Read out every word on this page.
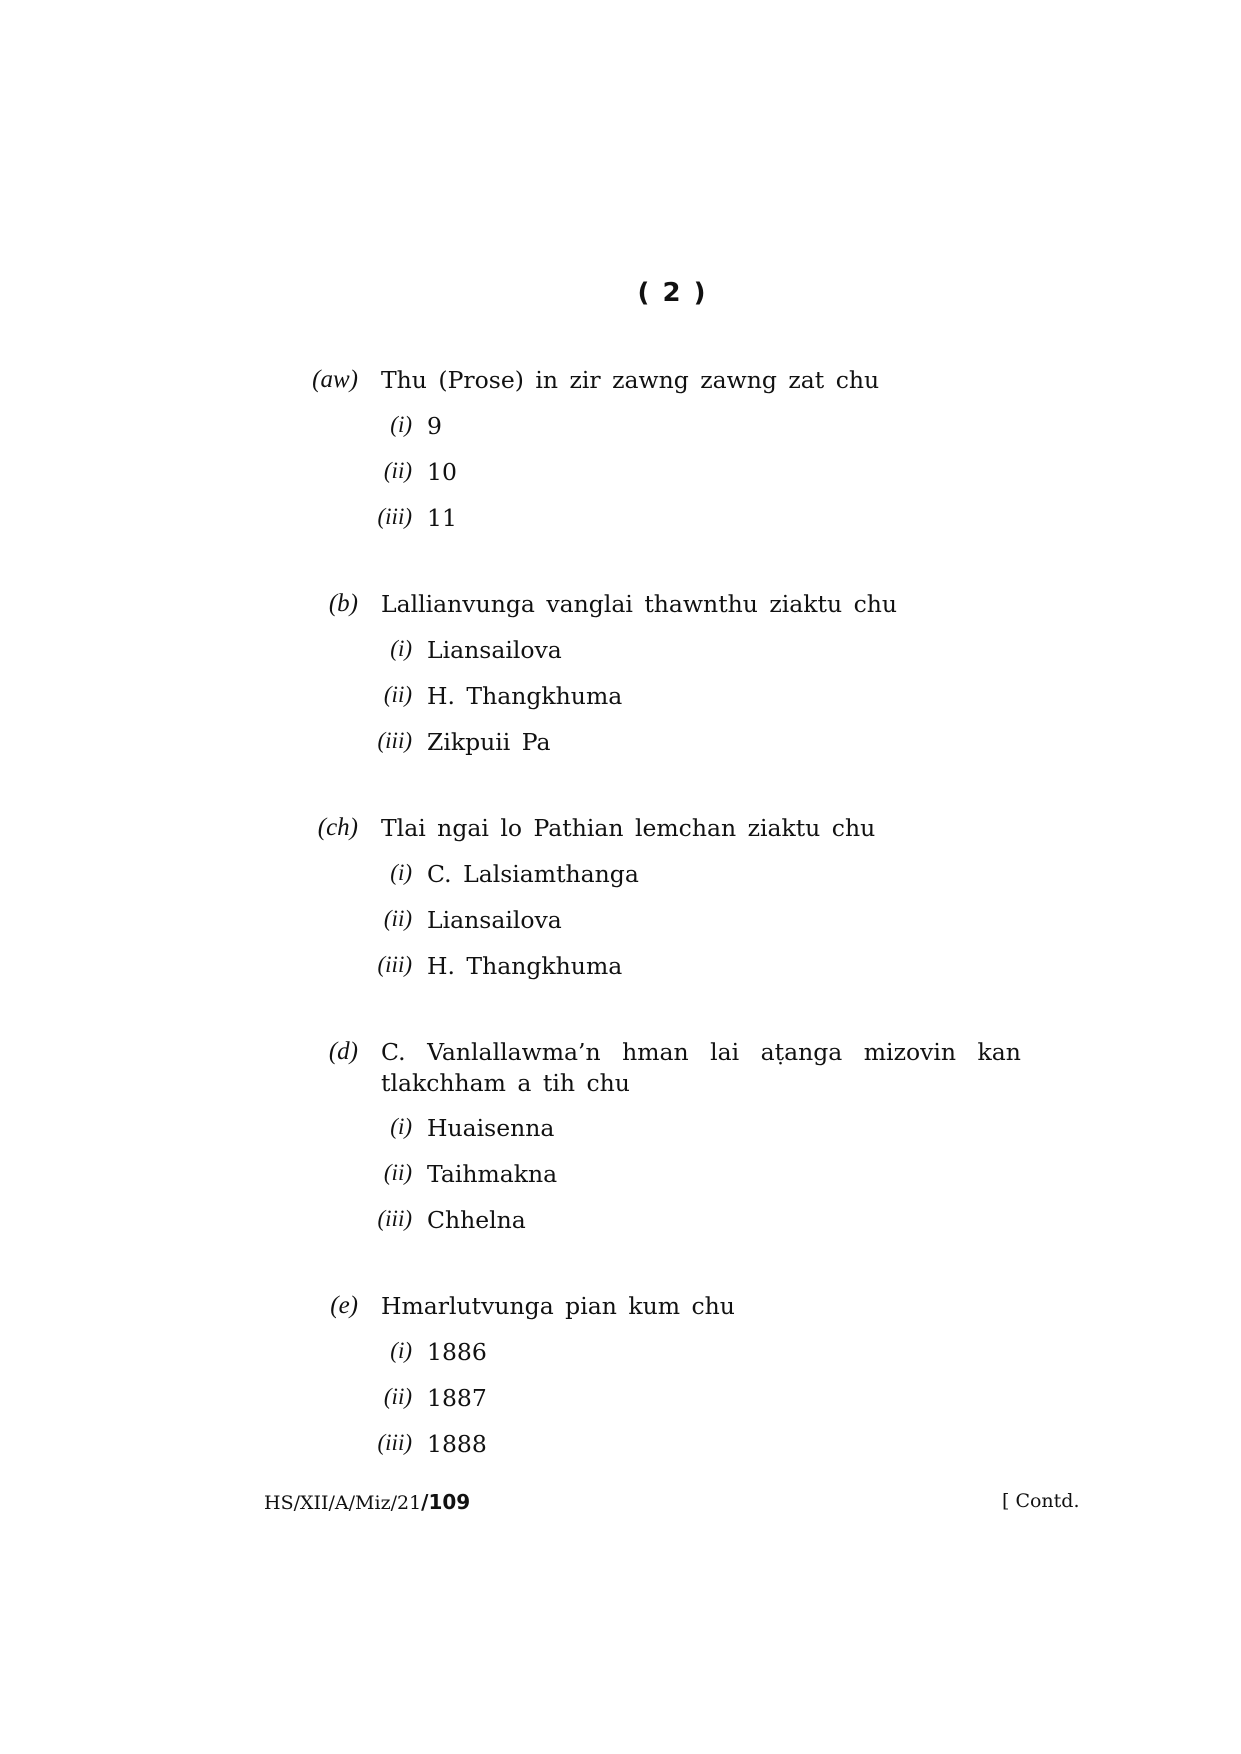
( 2 )
(aw) Thu (Prose) in zir zawng zawng zat chu
(i) 9
(ii) 10
(iii) 11
(b) Lallianvunga vanglai thawnthu ziaktu chu
(i) Liansailova
(ii) H. Thangkhuma
(iii) Zikpuii Pa
(ch) Tlai ngai lo Pathian lemchan ziaktu chu
(i) C. Lalsiamthanga
(ii) Liansailova
(iii) H. Thangkhuma
(d) C. Vanlallawma’n hman lai aṭanga mizovin kan
tlakchham a tih chu
(i) Huaisenna
(ii) Taihmakna
(iii) Chhelna
(e) Hmarlutvunga pian kum chu
(i) 1886
(ii) 1887
(iii) 1888
HS/XII/A/Miz/21/109	[ Contd.
